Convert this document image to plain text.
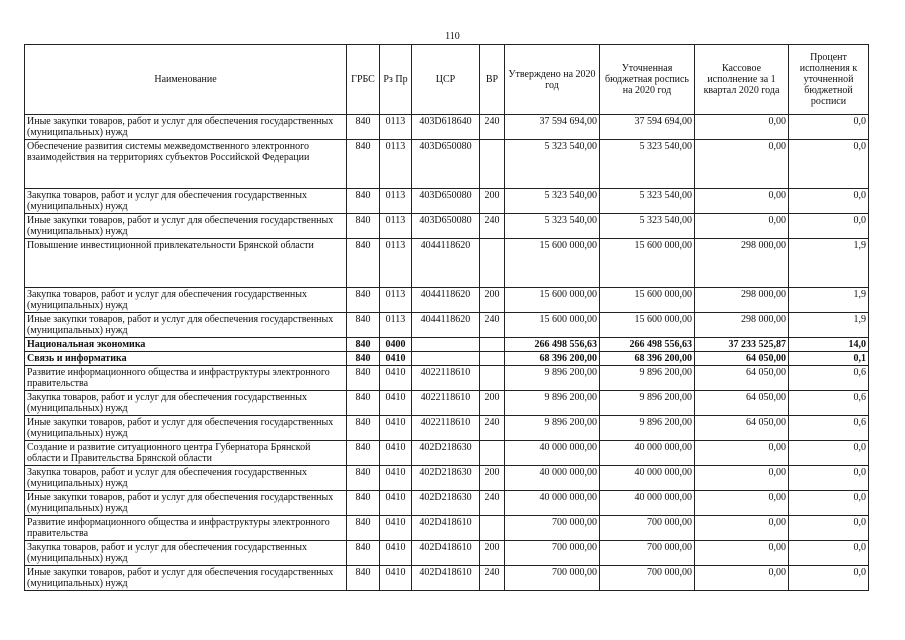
110
Наименование	ГРБС	Рз Пр	ЦСР	ВР	Утверждено на 2020 год	Уточненная бюджетная роспись на 2020 год	Кассовое исполнение за 1 квартал 2020 года	Процент исполнения к уточненной бюджетной росписи
Иные закупки товаров, работ и услуг для обеспечения государственных (муниципальных) нужд	840	0113	403D618640	240	37 594 694,00	37 594 694,00	0,00	0,0
Обеспечение развития системы межведомственного электронного взаимодействия на территориях субъектов Российской Федерации	840	0113	403D650080		5 323 540,00	5 323 540,00	0,00	0,0
Закупка товаров, работ и услуг для обеспечения государственных (муниципальных) нужд	840	0113	403D650080	200	5 323 540,00	5 323 540,00	0,00	0,0
Иные закупки товаров, работ и услуг для обеспечения государственных (муниципальных) нужд	840	0113	403D650080	240	5 323 540,00	5 323 540,00	0,00	0,0
Повышение инвестиционной привлекательности Брянской области	840	0113	4044118620		15 600 000,00	15 600 000,00	298 000,00	1,9
Закупка товаров, работ и услуг для обеспечения государственных (муниципальных) нужд	840	0113	4044118620	200	15 600 000,00	15 600 000,00	298 000,00	1,9
Иные закупки товаров, работ и услуг для обеспечения государственных (муниципальных) нужд	840	0113	4044118620	240	15 600 000,00	15 600 000,00	298 000,00	1,9
Национальная экономика	840	0400			266 498 556,63	266 498 556,63	37 233 525,87	14,0
Связь и информатика	840	0410			68 396 200,00	68 396 200,00	64 050,00	0,1
Развитие информационного общества и инфраструктуры электронного правительства	840	0410	4022118610		9 896 200,00	9 896 200,00	64 050,00	0,6
Закупка товаров, работ и услуг для обеспечения государственных (муниципальных) нужд	840	0410	4022118610	200	9 896 200,00	9 896 200,00	64 050,00	0,6
Иные закупки товаров, работ и услуг для обеспечения государственных (муниципальных) нужд	840	0410	4022118610	240	9 896 200,00	9 896 200,00	64 050,00	0,6
Создание и развитие ситуационного центра Губернатора Брянской области и Правительства Брянской области	840	0410	402D218630		40 000 000,00	40 000 000,00	0,00	0,0
Закупка товаров, работ и услуг для обеспечения государственных (муниципальных) нужд	840	0410	402D218630	200	40 000 000,00	40 000 000,00	0,00	0,0
Иные закупки товаров, работ и услуг для обеспечения государственных (муниципальных) нужд	840	0410	402D218630	240	40 000 000,00	40 000 000,00	0,00	0,0
Развитие информационного общества и инфраструктуры электронного правительства	840	0410	402D418610		700 000,00	700 000,00	0,00	0,0
Закупка товаров, работ и услуг для обеспечения государственных (муниципальных) нужд	840	0410	402D418610	200	700 000,00	700 000,00	0,00	0,0
Иные закупки товаров, работ и услуг для обеспечения государственных (муниципальных) нужд	840	0410	402D418610	240	700 000,00	700 000,00	0,00	0,0
